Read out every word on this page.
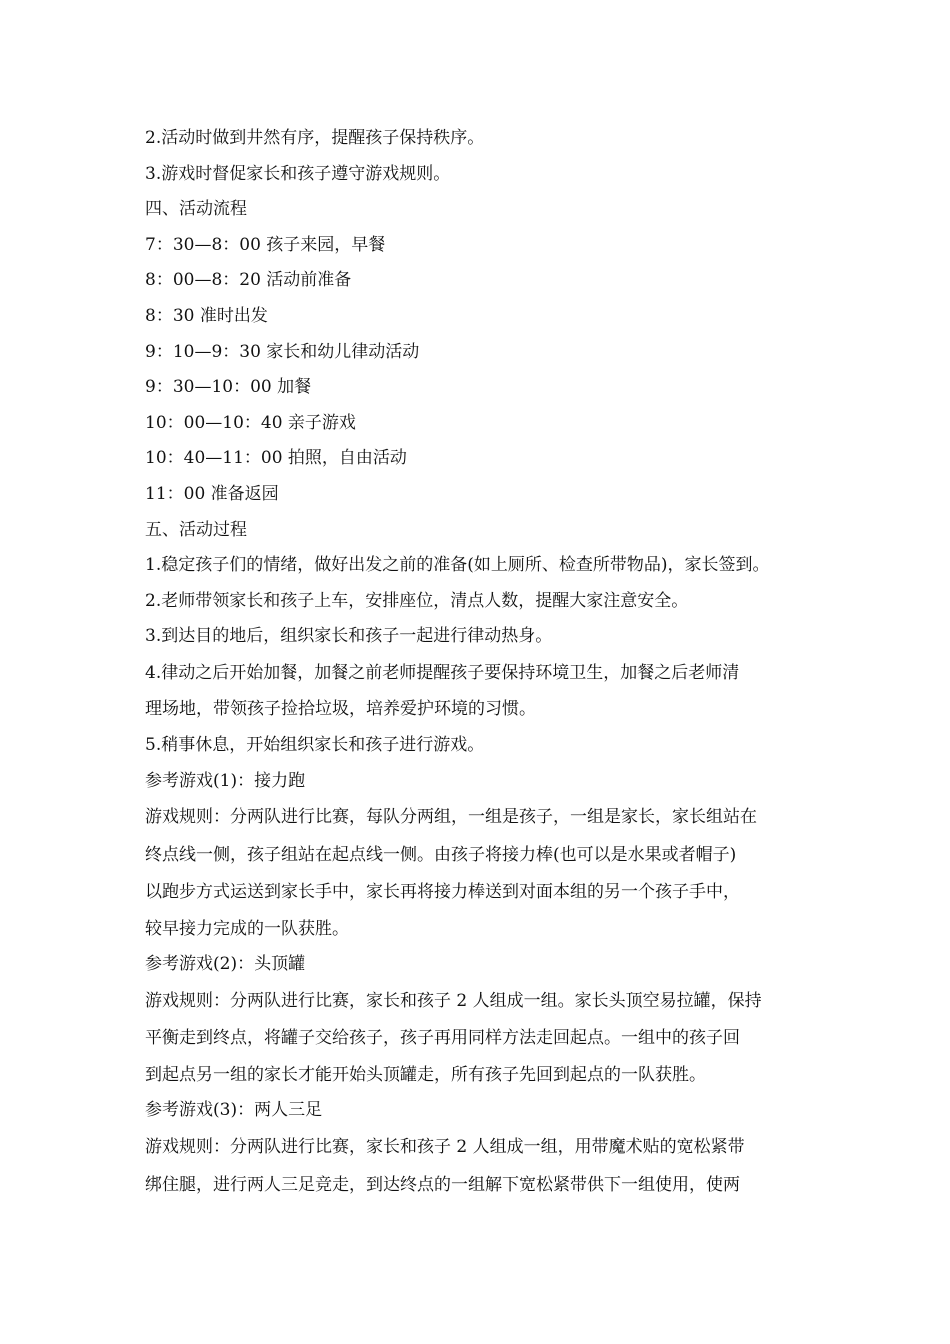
2.活动时做到井然有序，提醒孩子保持秩序。
3.游戏时督促家长和孩子遵守游戏规则。
四、活动流程
7：30—8：00 孩子来园，早餐
8：00—8：20 活动前准备
8：30 准时出发
9：10—9：30 家长和幼儿律动活动
9：30—10：00 加餐
10：00—10：40 亲子游戏
10：40—11：00 拍照，自由活动
11：00 准备返园
五、活动过程
1.稳定孩子们的情绪，做好出发之前的准备(如上厕所、检查所带物品)，家长签到。
2.老师带领家长和孩子上车，安排座位，清点人数，提醒大家注意安全。
3.到达目的地后，组织家长和孩子一起进行律动热身。
4.律动之后开始加餐，加餐之前老师提醒孩子要保持环境卫生，加餐之后老师清
理场地，带领孩子捡拾垃圾，培养爱护环境的习惯。
5.稍事休息，开始组织家长和孩子进行游戏。
参考游戏(1)：接力跑
游戏规则：分两队进行比赛，每队分两组，一组是孩子，一组是家长，家长组站在
终点线一侧，孩子组站在起点线一侧。由孩子将接力棒(也可以是水果或者帽子)
以跑步方式运送到家长手中，家长再将接力棒送到对面本组的另一个孩子手中，
较早接力完成的一队获胜。
参考游戏(2)：头顶罐
游戏规则：分两队进行比赛，家长和孩子 2 人组成一组。家长头顶空易拉罐，保持
平衡走到终点，将罐子交给孩子，孩子再用同样方法走回起点。一组中的孩子回
到起点另一组的家长才能开始头顶罐走，所有孩子先回到起点的一队获胜。
参考游戏(3)：两人三足
游戏规则：分两队进行比赛，家长和孩子 2 人组成一组，用带魔术贴的宽松紧带
绑住腿，进行两人三足竞走，到达终点的一组解下宽松紧带供下一组使用，使两
